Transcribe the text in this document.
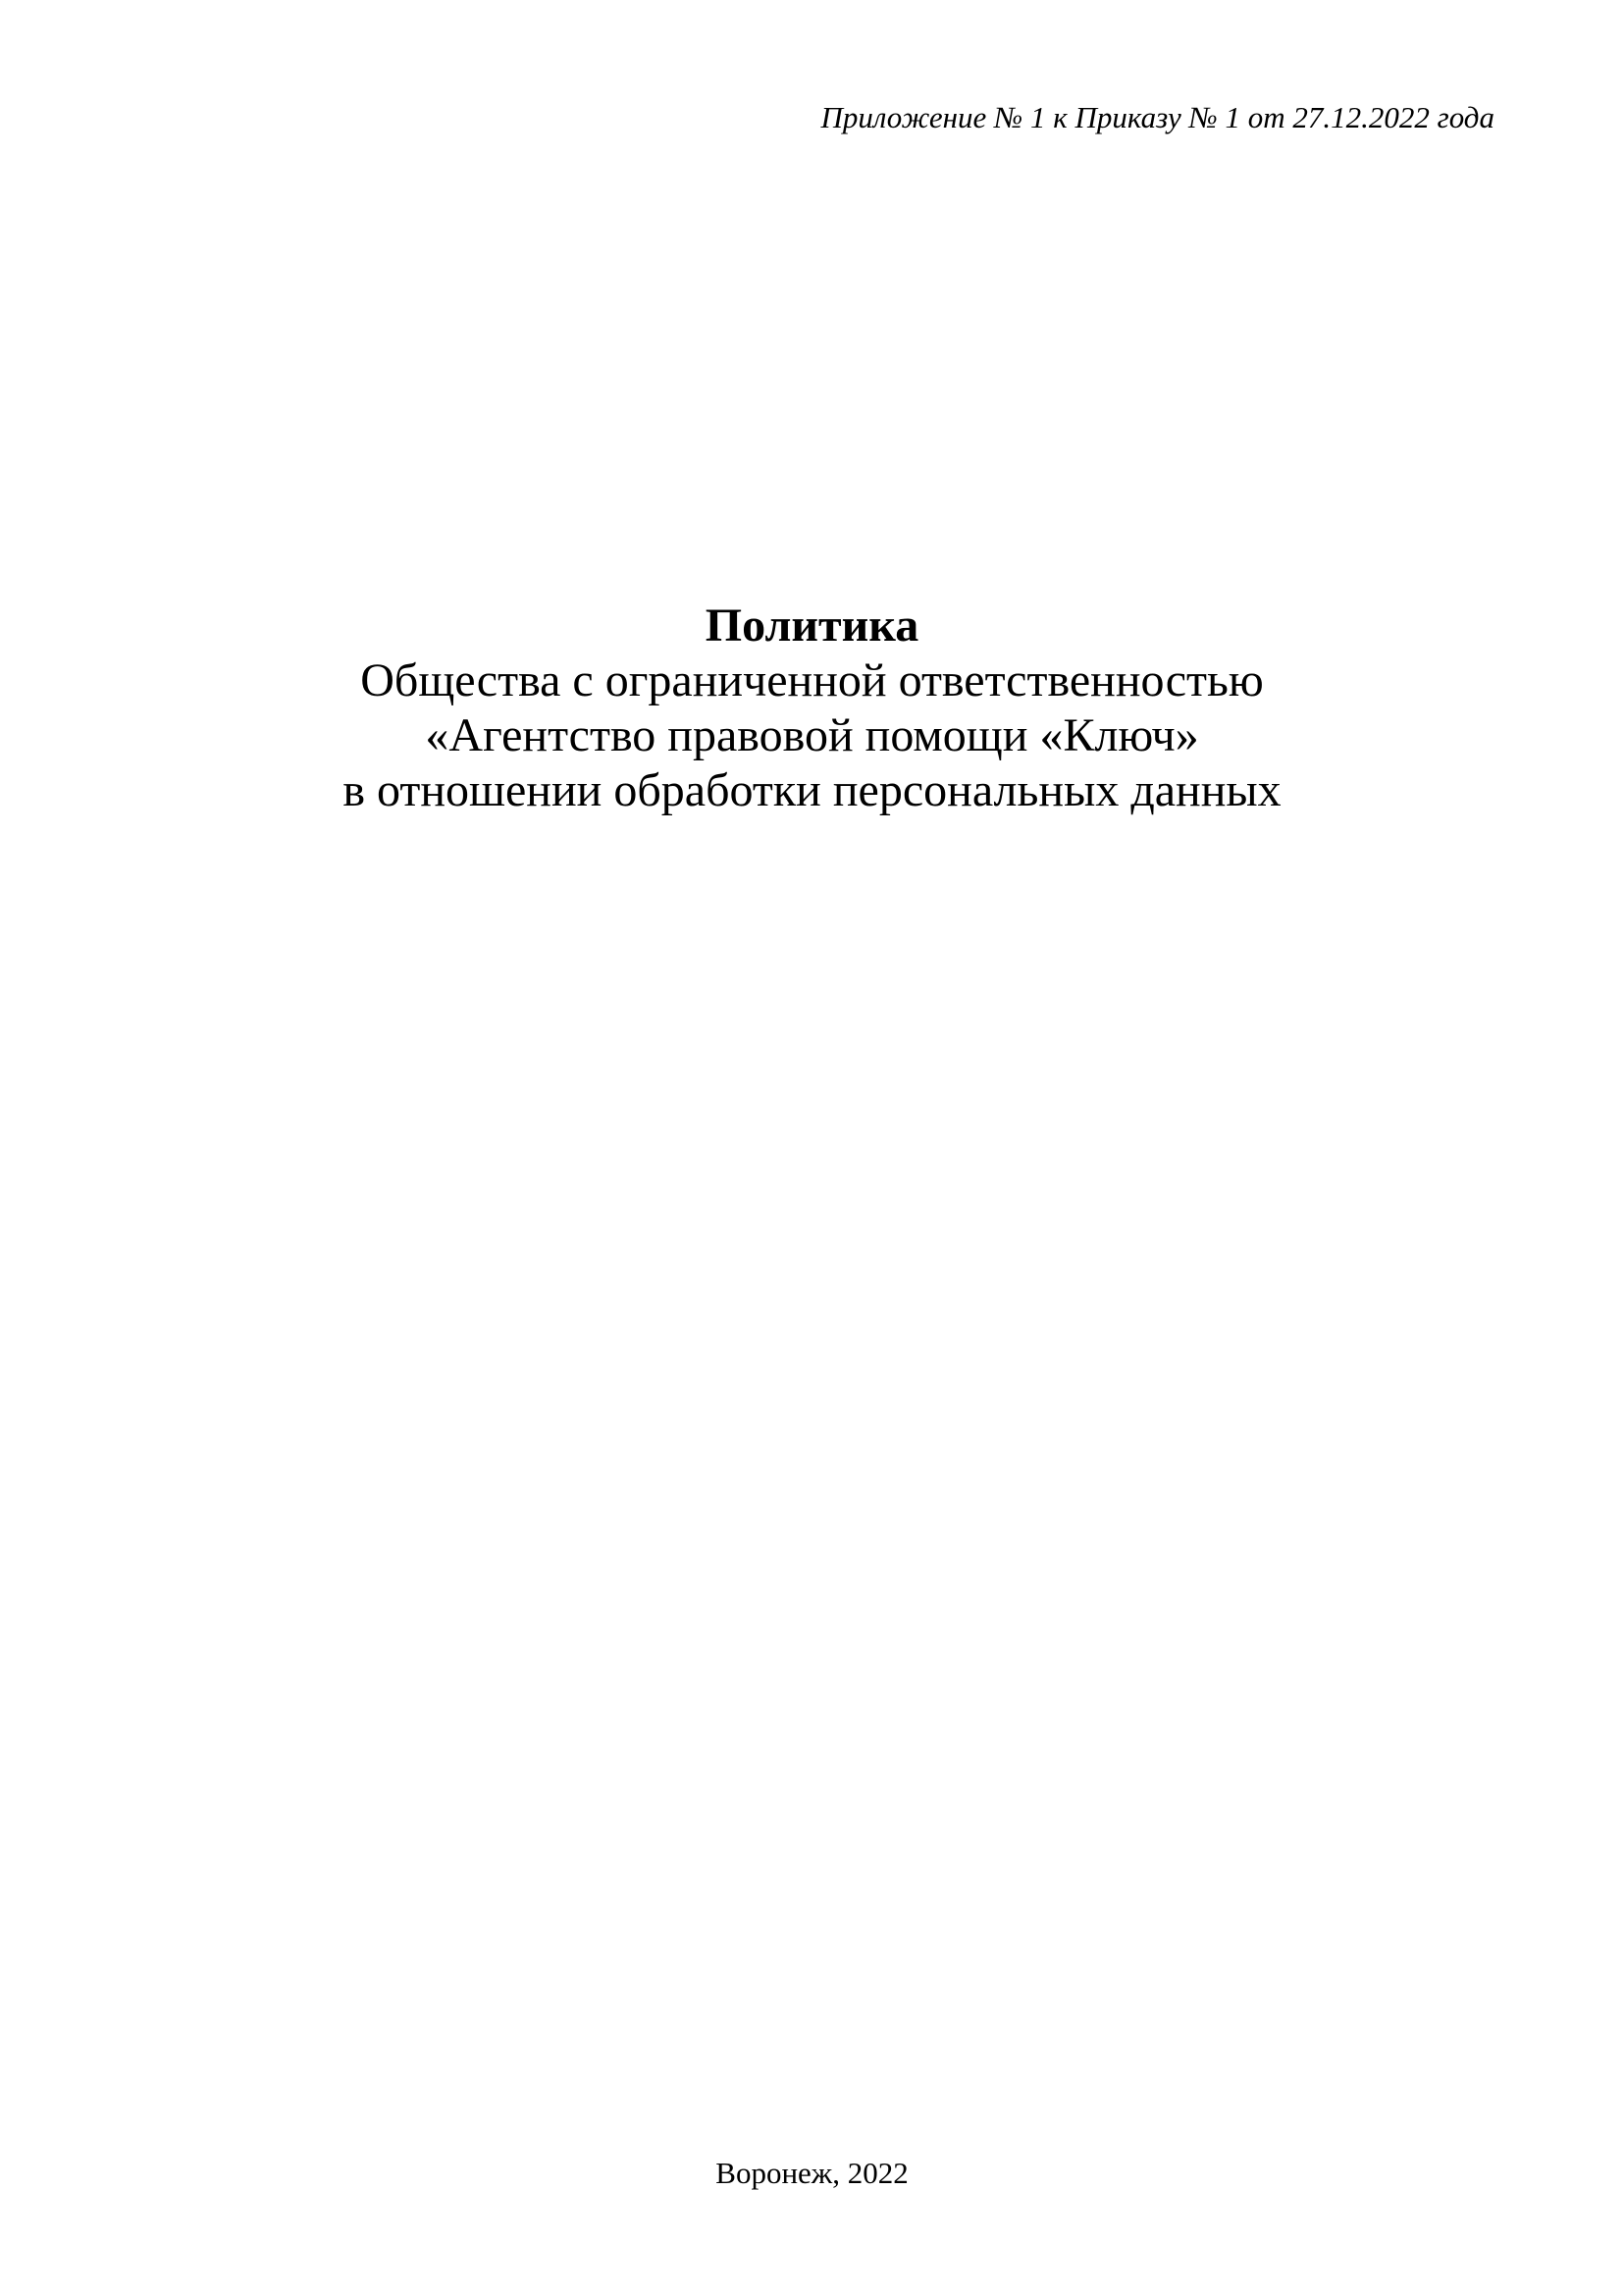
Приложение № 1 к Приказу № 1 от 27.12.2022 года
Политика
Общества с ограниченной ответственностью
«Агентство правовой помощи «Ключ»
в отношении обработки персональных данных
Воронеж, 2022
